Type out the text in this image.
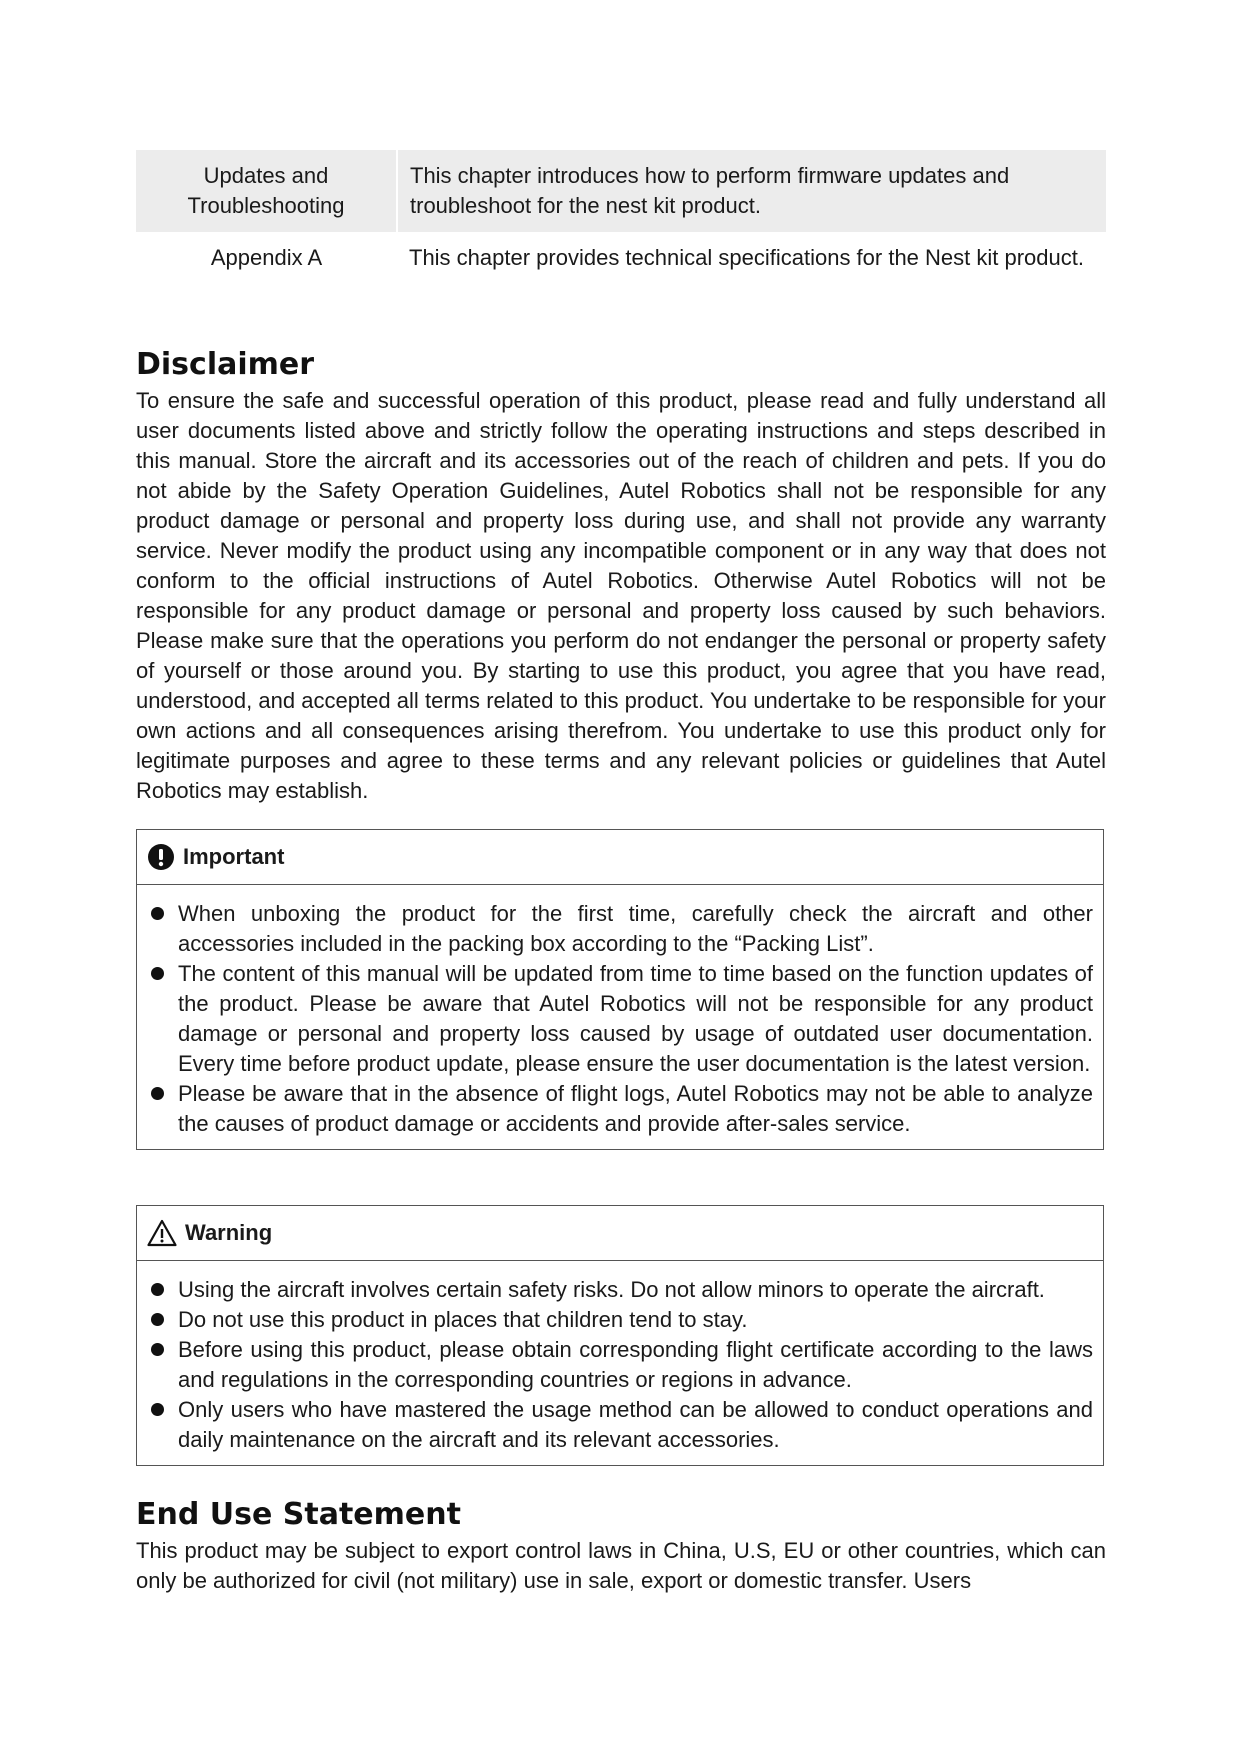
Updates and Troubleshooting	This chapter introduces how to perform firmware updates and troubleshoot for the nest kit product.
Appendix A	This chapter provides technical specifications for the Nest kit product.
Disclaimer

To ensure the safe and successful operation of this product, please read and fully understand all user documents listed above and strictly follow the operating instructions and steps described in this manual. Store the aircraft and its accessories out of the reach of children and pets. If you do not abide by the Safety Operation Guidelines, Autel Robotics shall not be responsible for any product damage or personal and property loss during use, and shall not provide any warranty service. Never modify the product using any incompatible component or in any way that does not conform to the official instructions of Autel Robotics. Otherwise Autel Robotics will not be responsible for any product damage or personal and property loss caused by such behaviors. Please make sure that the operations you perform do not endanger the personal or property safety of yourself or those around you. By starting to use this product, you agree that you have read, understood, and accepted all terms related to this product. You undertake to be responsible for your own actions and all consequences arising therefrom. You undertake to use this product only for legitimate purposes and agree to these terms and any relevant policies or guidelines that Autel Robotics may establish.

Important
When unboxing the product for the first time, carefully check the aircraft and other accessories included in the packing box according to the “Packing List”.
The content of this manual will be updated from time to time based on the function updates of the product. Please be aware that Autel Robotics will not be responsible for any product damage or personal and property loss caused by usage of outdated user documentation. Every time before product update, please ensure the user documentation is the latest version.
Please be aware that in the absence of flight logs, Autel Robotics may not be able to analyze the causes of product damage or accidents and provide after-sales service.
Warning
Using the aircraft involves certain safety risks. Do not allow minors to operate the aircraft.
Do not use this product in places that children tend to stay.
Before using this product, please obtain corresponding flight certificate according to the laws and regulations in the corresponding countries or regions in advance.
Only users who have mastered the usage method can be allowed to conduct operations and daily maintenance on the aircraft and its relevant accessories.
End Use Statement

This product may be subject to export control laws in China, U.S, EU or other countries, which can only be authorized for civil (not military) use in sale, export or domestic transfer. Users
